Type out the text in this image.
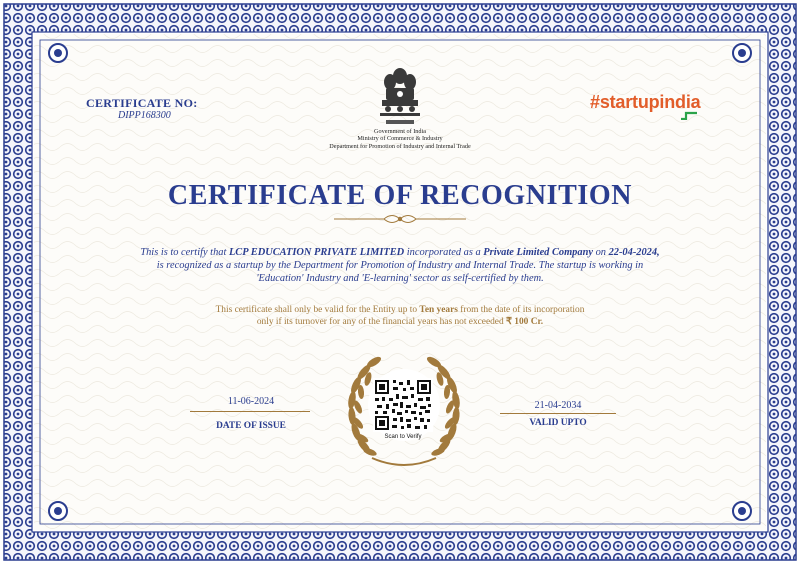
CERTIFICATE NO:
DIPP168300
Government of India
Ministry of Commerce & Industry
Department for Promotion of Industry and Internal Trade
#startupindia
CERTIFICATE OF RECOGNITION
This is to certify that LCP EDUCATION PRIVATE LIMITED incorporated as a Private Limited Company on 22-04-2024,
is recognized as a startup by the Department for Promotion of Industry and Internal Trade. The startup is working in
'Education' Industry and 'E-learning' sector as self-certified by them.
This certificate shall only be valid for the Entity up to Ten years from the date of its incorporation
only if its turnover for any of the financial years has not exceeded ₹ 100 Cr.
11-06-2024
DATE OF ISSUE
21-04-2034
VALID UPTO
Scan to Verify
